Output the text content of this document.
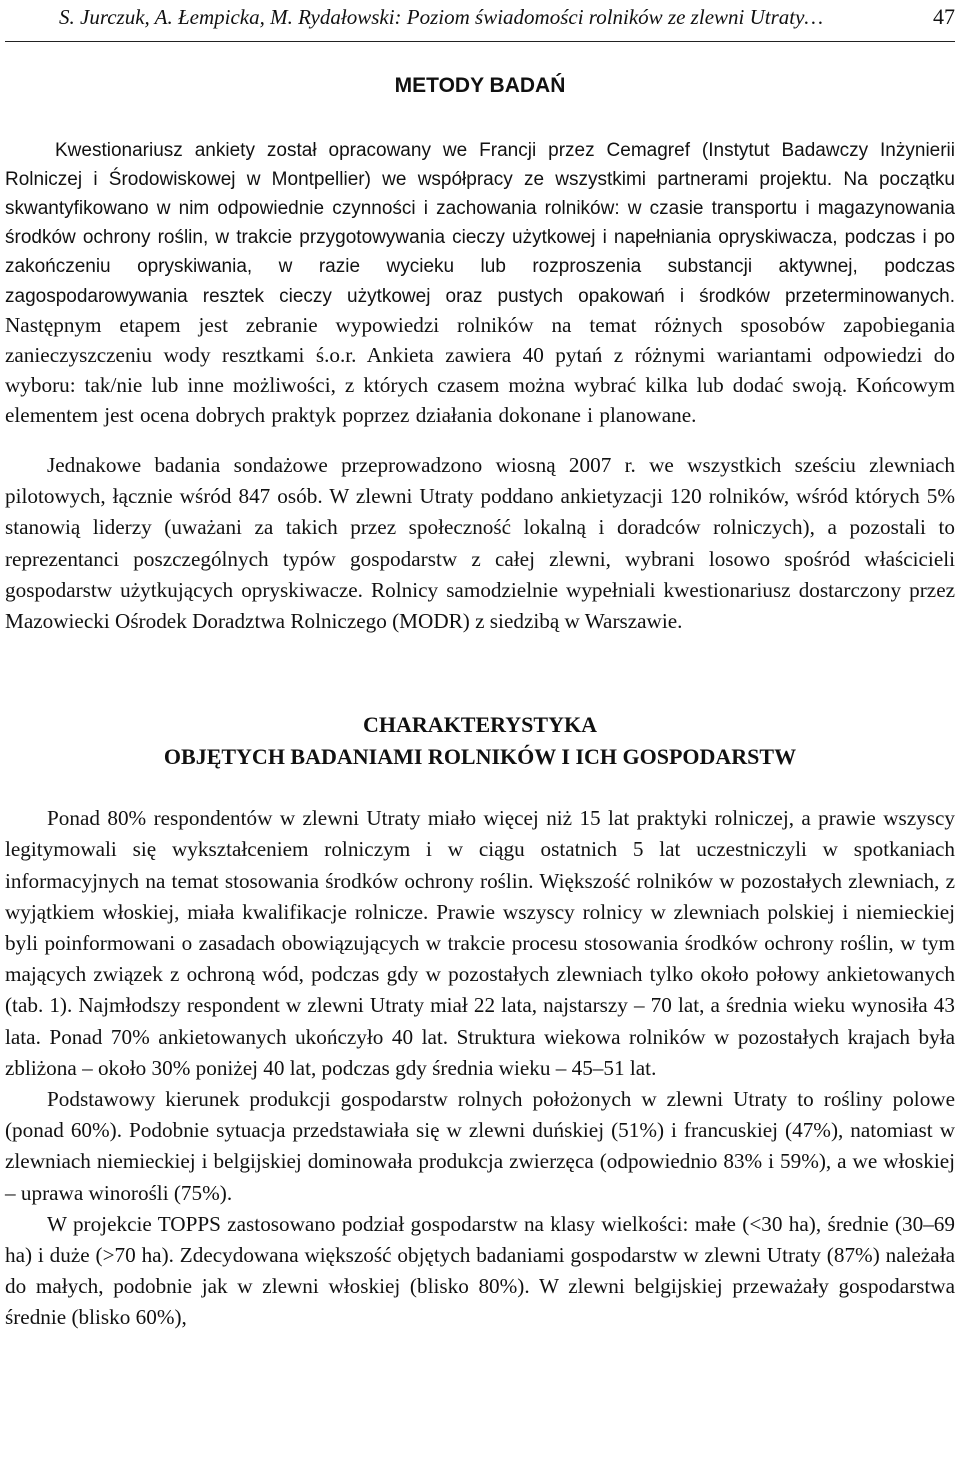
S. Jurczuk, A. Łempicka, M. Rydałowski: Poziom świadomości rolników ze zlewni Utraty…	47
METODY BADAŃ

Kwestionariusz ankiety został opracowany we Francji przez Cemagref (Instytut Badawczy Inżynierii Rolniczej i Środowiskowej w Montpellier) we współpracy ze wszystkimi partnerami projektu. Na początku skwantyfikowano w nim odpowiednie czynności i zachowania rolników: w czasie transportu i magazynowania środków ochrony roślin, w trakcie przygotowywania cieczy użytkowej i napełniania opryskiwacza, podczas i po zakończeniu opryskiwania, w razie wycieku lub rozproszenia substancji aktywnej, podczas zagospodarowywania resztek cieczy użytkowej oraz pustych opakowań i środków przeterminowanych. Następnym etapem jest zebranie wypowiedzi rolników na temat różnych sposobów zapobiegania zanieczyszczeniu wody resztkami ś.o.r. Ankieta zawiera 40 pytań z różnymi wariantami odpowiedzi do wyboru: tak/nie lub inne możliwości, z których czasem można wybrać kilka lub dodać swoją. Końcowym elementem jest ocena dobrych praktyk poprzez działania dokonane i planowane.

Jednakowe badania sondażowe przeprowadzono wiosną 2007 r. we wszystkich sześciu zlewniach pilotowych, łącznie wśród 847 osób. W zlewni Utraty poddano ankietyzacji 120 rolników, wśród których 5% stanowią liderzy (uważani za takich przez społeczność lokalną i doradców rolniczych), a pozostali to reprezentanci poszczególnych typów gospodarstw z całej zlewni, wybrani losowo spośród właścicieli gospodarstw użytkujących opryskiwacze. Rolnicy samodzielnie wypełniali kwestionariusz dostarczony przez Mazowiecki Ośrodek Doradztwa Rolniczego (MODR) z siedzibą w Warszawie.

CHARAKTERYSTYKA
OBJĘTYCH BADANIAMI ROLNIKÓW I ICH GOSPODARSTW

Ponad 80% respondentów w zlewni Utraty miało więcej niż 15 lat praktyki rolniczej, a prawie wszyscy legitymowali się wykształceniem rolniczym i w ciągu ostatnich 5 lat uczestniczyli w spotkaniach informacyjnych na temat stosowania środków ochrony roślin. Większość rolników w pozostałych zlewniach, z wyjątkiem włoskiej, miała kwalifikacje rolnicze. Prawie wszyscy rolnicy w zlewniach polskiej i niemieckiej byli poinformowani o zasadach obowiązujących w trakcie procesu stosowania środków ochrony roślin, w tym mających związek z ochroną wód, podczas gdy w pozostałych zlewniach tylko około połowy ankietowanych (tab. 1). Najmłodszy respondent w zlewni Utraty miał 22 lata, najstarszy – 70 lat, a średnia wieku wynosiła 43 lata. Ponad 70% ankietowanych ukończyło 40 lat. Struktura wiekowa rolników w pozostałych krajach była zbliżona – około 30% poniżej 40 lat, podczas gdy średnia wieku – 45–51 lat.

Podstawowy kierunek produkcji gospodarstw rolnych położonych w zlewni Utraty to rośliny polowe (ponad 60%). Podobnie sytuacja przedstawiała się w zlewni duńskiej (51%) i francuskiej (47%), natomiast w zlewniach niemieckiej i belgijskiej dominowała produkcja zwierzęca (odpowiednio 83% i 59%), a we włoskiej – uprawa winorośli (75%).

W projekcie TOPPS zastosowano podział gospodarstw na klasy wielkości: małe (<30 ha), średnie (30–69 ha) i duże (>70 ha). Zdecydowana większość objętych badaniami gospodarstw w zlewni Utraty (87%) należała do małych, podobnie jak w zlewni włoskiej (blisko 80%). W zlewni belgijskiej przeważały gospodarstwa średnie (blisko 60%),
